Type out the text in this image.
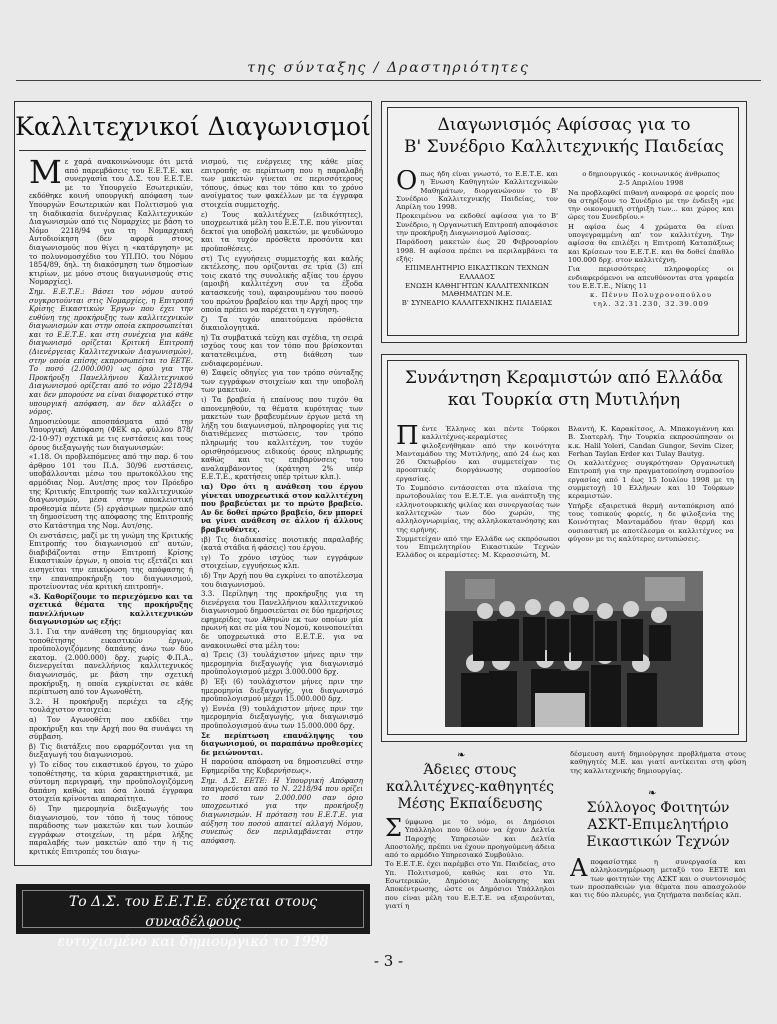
της σύνταξης / Δραστηριότητες
Καλλιτεχνικοί Διαγωνισμοί
Μ ε χαρά ανακοινώνουμε ότι μετά από παρεμβάσεις του Ε.Ε.Τ.Ε. και συνεργασία του Δ.Σ. του Ε.Ε.Τ.Ε. με το Υπουργείο Εσωτερικών, εκδόθηκε κοινή υπουργική απόφαση των Υπουργών Εσωτερικών και Πολιτισμού για τη διαδικασία διενέργειας Καλλιτεχνικών Διαγωνισμών από τις Νομαρχίες με βάση το Νόμο 2218/94 για τη Νομαρχιακή Αυτοδιοίκηση (δεν αφορά στους διαγωνισμούς που θίγει η «κατάργηση» με το πολυνομοσχέδιο του ΥΠ.ΠΟ. του Νόμου 1854/89, δηλ. τη διακόσμηση των δημοσίων κτιρίων, με μόνο στους διαγωνισμούς στις Νομαρχίες).

Σημ. Ε.Ε.Τ.Ε.: Βάσει του νόμου αυτού συγκροτούνται στις Νομαρχίες, η Επιτροπή Κρίσης Εικαστικών Έργων που έχει την ευθύνη της προκήρυξης των καλλιτεχνικών διαγωνισμών και στην οποία εκπροσωπείται και το Ε.Ε.Τ.Ε. και στη συνέχεια για κάθε διαγωνισμό ορίζεται Κριτική Επιτροπή (Διενέργειας Καλλιτεχνικών Διαγωνισμών), στην οποία επίσης εκπροσωπείται το ΕΕΤΕ. Το ποσό (2.000.000) ως όριο για την Προκήρυξη Πανελλήνιου Καλλιτεχνικού Διαγωνισμού ορίζεται από το νόμο 2218/94 και δεν μπορούσε να είναι διαφορετικό στην υπουργική απόφαση, αν δεν αλλάξει ο νόμος.

Δημοσιεύουμε αποσπάσματα από την Υπουργική Απόφαση (ΦΕΚ αρ. φύλλου 878/ /2-10-97) σχετικά με τις ενστάσεις και τους όρους διεξαγωγής των διαγωνισμών:

«1.18. Οι προβλεπόμενες από την παρ. 6 του άρθρου 101 του Π.Δ. 30/96 ενστάσεις, υποβάλλονται μέσω του πρωτοκόλλου της αρμόδιας Νομ. Αυτ/σης προς τον Πρόεδρο της Κριτικής Επιτροπής των καλλιτεχνικών διαγωνισμών, μέσα στην αποκλειστική προθεσμία πέντε (5) εργάσιμων ημερών από τη δημοσίευση της απόφασης της Επιτροπής στο Κατάστημα της Νομ. Αυτ/σης.

Οι ενστάσεις, μαζί με τη γνώμη της Κριτικής Επιτροπής του διαγωνισμού επ' αυτών, διαβιβάζονται στην Επιτροπή Κρίσης Εικαστικών έργων, η οποία τις εξετάζει και εισηγείται την επικύρωση της απόφασης ή την επαναπροκήρυξη του διαγωνισμού, προτείνοντας νέα κριτική επιτροπή».

«3. Καθορίζουμε το περιεχόμενο και τα σχετικά θέματα της προκήρυξης πανελλήνιων καλλιτεχνικών διαγωνισμών ως εξής:

3.1. Για την ανάθεση της δημιουργίας και τοποθέτησης εικαστικών έργων, προϋπολογιζόμενης δαπάνης άνω των δύο εκατομ. (2.000.000) δρχ. χωρίς Φ.Π.Α., διενεργείται πανελλήνιος καλλιτεχνικός διαγωνισμός, με βάση την σχετική προκήρυξη, η οποία εγκρίνεται σε κάθε περίπτωση από τον Αγωνοθέτη.

3.2. Η προκήρυξη περιέχει τα εξής τουλάχιστον στοιχεία:

α) Τον Αγωνοθέτη που εκδίδει την προκήρυξη και την Αρχή που θα συνάψει τη σύμβαση.

β) Τις διατάξεις που εφαρμόζονται για τη διεξαγωγή του διαγωνισμού.

γ) Το είδος του εικαστικού έργου, το χώρο τοποθέτησης, τα κύρια χαρακτηριστικά, με σύντομη περιγραφή, την προϋπολογιζόμενη δαπάνη καθώς και όσα λοιπά έγγραφα στοιχεία κρίνονται απαραίτητα.

δ) Την ημερομηνία διεξαγωγής του διαγωνισμού, τον τόπο ή τους τόπους παράδοσης των μακετών και των λοιπών εγγράφων στοιχείων, τη μέρα λήξης παραλαβής των μακετών από την ή τις κριτικές Επιτροπές του διαγω-

νισμού, τις ενέργειες της κάθε μίας επιτροπής σε περίπτωση που η παραλαβή των μακετών γίνεται σε περισσότερους τόπους, όπως και τον τόπο και το χρόνο ανοίγματος των φακέλλων με τα έγγραφα στοιχεία συμμετοχής.

ε) Τους καλλιτέχνες (ειδικότητες), υποχρεωτικά μέλη του Ε.Ε.Τ.Ε. που γίνονται δεκτοί για υποβολή μακετών, με ψευδώνυμο και τα τυχόν πρόσθετα προσόντα και προϋποθέσεις.

στ) Τις εγγυήσεις συμμετοχής και καλής εκτέλεσης, που ορίζονται σε τρία (3) επί τοις εκατό της συνολικής αξίας του έργου (αμοιβή καλλιτέχνη συν τα έξοδα κατασκευής του), αφαιρουμένου του ποσού του πρώτου βραβείου και την Αρχή προς την οποία πρέπει να παρέχεται η εγγύηση.

ζ) Τα τυχόν απαιτούμενα πρόσθετα δικαιολογητικά.

η) Τα συμβατικά τεύχη και σχέδια, τη σειρά ισχύος τους και τον τόπο που βρίσκονται κατατεθειμένα, στη διάθεση των ενδιαφερομένων.

θ) Σαφείς οδηγίες για τον τρόπο σύνταξης των εγγράφων στοιχείων και την υποβολή των μακετών.

ι) Τα βραβεία ή επαίνους που τυχόν θα απονεμηθούν, τα θέματα κυρότητας των μακετών των βραβευμένων έργων μετά τη λήξη του διαγωνισμού, πληροφορίες για τις διατιθέμενες πιστώσεις, τον τρόπο πληρωμής του καλλιτέχνη, τον τυχόν ορισθησόμενους ειδικούς όρους πληρωμής καθώς και τις επιβαρύνσεις του αναλαμβάνοντος (κράτηση 2% υπέρ Ε.Ε.Τ.Ε., κρατήσεις υπέρ τρίτων κλπ.).

ια) Όρο ότι η ανάθεση του έργου γίνεται υποχρεωτικά στον καλλιτέχνη που βραβεύεται με το πρώτο βραβείο. Αν δε δοθεί πρώτο βραβείο, δεν μπορεί να γίνει ανάθεση σε άλλον ή άλλους βραβευθέντες.

ιβ) Τις διαδικασίες ποιοτικής παραλαβής (κατά στάδια ή φάσεις) του έργου.

ιγ) Το χρόνο ισχύος των εγγράφων στοιχείων, εγγυήσεως κλπ.

ιδ) Την Αρχή που θα εγκρίνει το αποτέλεσμα του διαγωνισμού.

3.3. Περίληψη της προκήρυξης για τη διενέργεια του Πανελλήνιου καλλιτεχνικού διαγωνισμού δημοσιεύεται σε δύο ημερήσιες εφημερίδες των Αθηνών εκ των οποίων μία πρωινή και σε μία του Νομού, κοινοποιείται δε υποχρεωτικά στο Ε.Ε.Τ.Ε. για να ανακοινωθεί στα μέλη του:

α) Τρεις (3) τουλάχιστον μήνες πριν την ημερομηνία διεξαγωγής για διαγωνισμό προϋπολογισμού μέχρι 3.000.000 δρχ.

β) Έξι (6) τουλάχιστον μήνες πριν την ημερομηνία διεξαγωγής, για διαγωνισμό προϋπολογισμού μέχρι 15.000.000 δρχ.

γ) Εννέα (9) τουλάχιστον μήνες πριν την ημερομηνία διεξαγωγής, για διαγωνισμό προϋπολογισμού άνω των 15.000.000 δρχ.

Σε περίπτωση επανάληψης του διαγωνισμού, οι παραπάνω προθεσμίες δε μειώνονται.

Η παρούσα απόφαση να δημοσιευθεί στην Εφημερίδα της Κυβερνήσεως».

Σημ. Δ.Σ. ΕΕΤΕ: Η Υπουργική Απόφαση υπαγορεύεται από το Ν. 2218/94 που ορίζει το ποσό των 2.000.000 σαν όριο υποχρεωτικό για την προκήρυξη διαγωνισμών. Η πρόταση του Ε.Ε.Τ.Ε. για αύξηση του ποσού απαιτεί αλλαγή Νόμου, συνεπώς δεν περιλαμβάνεται στην απόφαση.

Το Δ.Σ. του Ε.Ε.Τ.Ε. εύχεται στους συναδέλφους
ευτυχισμένο και δημιουργικό το 1998
Διαγωνισμός Αφίσσας για το
Β' Συνέδριο Καλλιτεχνικής Παιδείας
Ο πως ήδη είναι γνωστό, το Ε.Ε.Τ.Ε. και η Ένωση Καθηγητών Καλλιτεχνικών Μαθημάτων, διοργανώνουν το Β' Συνέδριο Καλλιτεχνικής Παιδείας, τον Απρίλη του 1998.

Προκειμένου να εκδοθεί αφίσσα για το Β' Συνέδριο, η Οργανωτική Επιτροπή αποφάσισε την προκήρυξη Διαγωνισμού Αφίσσας.

Παράδοση μακετών έως 20 Φεβρουαρίου 1998. Η αφίσσα πρέπει να περιλαμβάνει τα εξής:

ΕΠΙΜΕΛΗΤΗΡΙΟ ΕΙΚΑΣΤΙΚΩΝ ΤΕΧΝΩΝ ΕΛΛΑΔΟΣ

ΕΝΩΣΗ ΚΑΘΗΓΗΤΩΝ ΚΑΛΛΙΤΕΧΝΙΚΩΝ ΜΑΘΗΜΑΤΩΝ Μ.Ε.

Β' ΣΥΝΕΔΡΙΟ ΚΑΛΛΙΤΕΧΝΙΚΗΣ ΠΑΙΔΕΙΑΣ

ο δημιουργικός - κοινωνικός άνθρωπος

2-5 Απριλίου 1998

Να προβλεφθεί πιθανή αναφορά σε φορείς που θα στηρίξουν το Συνέδριο με την ένδειξη «με την οικονομική στήριξη των... και χώρος και ώρες του Συνεδρίου.»

Η αφίσα έως 4 χρώματα θα είναι υπογεγραμμένη απ' τον καλλιτέχνη. Την αφίσσα θα επιλέξει η Επιτροπή Καταπάξεως και Κρίσεων του Ε.Ε.Τ.Ε. και θα δοθεί έπαθλο 100.000 δρχ. στον καλλιτέχνη.

Για περισσότερες πληροφορίες οι ενδιαφερόμενοι να απευθύνονται στα γραφεία του Ε.Ε.Τ.Ε., Νίκης 11

κ. Πέννυ Πολυχρονοπούλου

τηλ. 32.31.230, 32.39.009

Συνάντηση Κεραμιστών από Ελλάδα
και Τουρκία στη Μυτιλήνη
Π έντε Έλληνες και πέντε Τούρκοι καλλιτέχνες-κεραμίστες φιλοξενήθηκαν από την κοινότητα Μανταμάδου της Μυτιλήνης, από 24 έως και 26 Οκτωβρίου και συμμετείχαν τις προοπτικές διοργάνωσης συμποσίου εργασίας.

Το Συμπόσιο εντάσσεται στα πλαίσια της πρωτοβουλίας του Ε.Ε.Τ.Ε. για ανάπτυξη της ελληνοτουρκικής φιλίας και συνεργασίας των καλλιτεχνών των δύο χωρών, της αλληλογνωριμίας, της αλληλοκατανόησης και της ειρήνης.

Συμμετείχαν από την Ελλάδα ως εκπρόσωποι του Επιμελητηρίου Εικαστικών Τεχνών Ελλάδος οι κεραμίστες: Μ. Κερασσιώτη, Μ.

Βλαντή, Κ. Καρακίτσος, Α. Μπακογιάννη και Β. Σιατερλή. Την Τουρκία εκπροσώπησαν οι κ.κ. Halil Yoleri, Candan Gungor, Sevim Cizer, Ferhan Taylan Erder και Tulay Bautyg.

Οι καλλιτέχνες συγκρότησαν Οργανωτική Επιτροπή για την πραγματοποίηση συμποσίου εργασίας από 1 έως 15 Ιουλίου 1998 με τη συμμετοχή 10 Ελλήνων και 10 Τούρκων κεραμιστών.

Υπήρξε εξαιρετικά θερμή ανταπόκριση από τους τοπικούς φορείς, η δε φιλοξενία της Κοινότητας Μανταμάδου ήταν θερμή και ουσιαστική με αποτέλεσμα οι καλλιτέχνες να φύγουν με τις καλύτερες εντυπώσεις.

❧
Άδειες στους
καλλιτέχνες-καθηγητές
Μέσης Εκπαίδευσης
Σ ύμφωνα με το νόμο, οι Δημόσιοι Υπάλληλοι που θέλουν να έχουν Δελτία Παροχής Υπηρεσιών και Δελτία Αποστολής, πρέπει να έχουν προηγούμενη άδεια από το αρμόδιο Υπηρεσιακό Συμβούλιο.

Το Ε.Ε.Τ.Ε. έχει παρέμβει στο Υπ. Παιδείας, στο Υπ. Πολιτισμού, καθώς και στο Υπ. Εσωτερικών, Δημόσιας Διοίκησης και Αποκέντρωσης, ώστε οι Δημόσιοι Υπάλληλοι που είναι μέλη του Ε.Ε.Τ.Ε. να εξαιρούνται, γιατί η

δέσμευση αυτή δημιούργησε προβλήματα στους καθηγητές Μ.Ε. και γιατί αντίκειται στη φύση της καλλιτεχνικής δημιουργίας.

❧
Σύλλογος Φοιτητών
ΑΣΚΤ-Επιμελητήριο
Εικαστικών Τεχνών
Α ποφασίστηκε η συνεργασία και αλληλοενημέρωση μεταξύ του ΕΕΤΕ και των φοιτητών της ΑΣΚΤ και ο συντονισμός των προσπαθειών για θέματα που απασχολούν και τις δύο πλευρές, για ζητήματα παιδείας κλπ.

- 3 -
